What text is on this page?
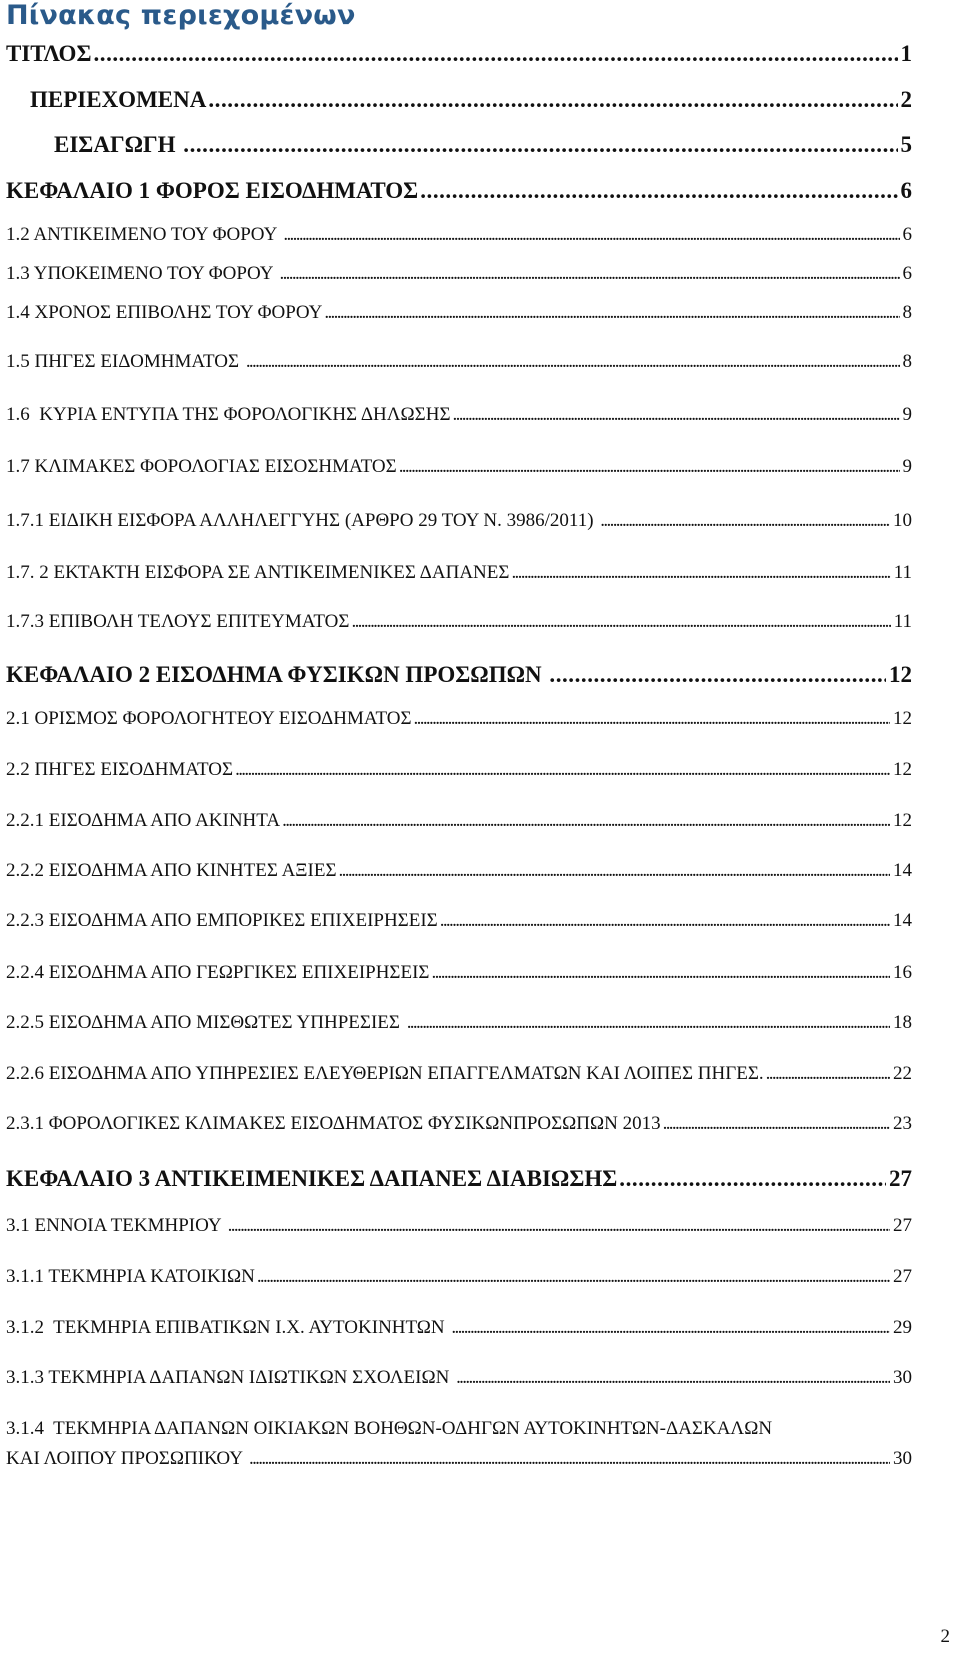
Πίνακας περιεχομένων
ΤΙΤΛΟΣ . . .	1
ΠΕΡΙΕΧΟΜΕΝΑ . . .	2
ΕΙΣΑΓΩΓΗ . . .	5
ΚΕΦΑΛΑΙΟ 1 ΦΟΡΟΣ ΕΙΣΟΔΗΜΑΤΟΣ . . .	6
1.2 ΑΝΤΙΚΕΙΜΕΝΟ ΤΟΥ ΦΟΡΟΥ . . .	6
1.3 ΥΠΟΚΕΙΜΕΝΟ ΤΟΥ ΦΟΡΟΥ . . .	6
1.4 ΧΡΟΝΟΣ ΕΠΙΒΟΛΗΣ ΤΟΥ ΦΟΡΟΥ . . .	8
1.5 ΠΗΓΕΣ ΕΙΔΟΜΗΜΑΤΟΣ . . .	8
1.6  ΚΥΡΙΑ ΕΝΤΥΠΑ ΤΗΣ ΦΟΡΟΛΟΓΙΚΗΣ ΔΗΛΩΣΗΣ . . .	9
1.7 ΚΛΙΜΑΚΕΣ ΦΟΡΟΛΟΓΙΑΣ ΕΙΣΟΣΗΜΑΤΟΣ . . .	9
1.7.1 ΕΙΔΙΚΗ ΕΙΣΦΟΡΑ ΑΛΛΗΛΕΓΓΥΗΣ (ΑΡΘΡΟ 29 ΤΟΥ Ν. 3986/2011) . . .	10
1.7. 2 ΕΚΤΑΚΤΗ ΕΙΣΦΟΡΑ ΣΕ ΑΝΤΙΚΕΙΜΕΝΙΚΕΣ ΔΑΠΑΝΕΣ . . .	11
1.7.3 ΕΠΙΒΟΛΗ ΤΕΛΟΥΣ ΕΠΙΤΕΥΜΑΤΟΣ . . .	11
ΚΕΦΑΛΑΙΟ 2 ΕΙΣΟΔΗΜΑ ΦΥΣΙΚΩΝ ΠΡΟΣΩΠΩΝ . . .	12
2.1 ΟΡΙΣΜΟΣ ΦΟΡΟΛΟΓΗΤΕΟΥ ΕΙΣΟΔΗΜΑΤΟΣ . . .	12
2.2 ΠΗΓΕΣ ΕΙΣΟΔΗΜΑΤΟΣ . . .	12
2.2.1 ΕΙΣΟΔΗΜΑ ΑΠΟ ΑΚΙΝΗΤΑ . . .	12
2.2.2 ΕΙΣΟΔΗΜΑ ΑΠΟ ΚΙΝΗΤΕΣ ΑΞΙΕΣ . . .	14
2.2.3 ΕΙΣΟΔΗΜΑ ΑΠΟ ΕΜΠΟΡΙΚΕΣ ΕΠΙΧΕΙΡΗΣΕΙΣ . . .	14
2.2.4 ΕΙΣΟΔΗΜΑ ΑΠΟ ΓΕΩΡΓΙΚΕΣ ΕΠΙΧΕΙΡΗΣΕΙΣ . . .	16
2.2.5 ΕΙΣΟΔΗΜΑ ΑΠΟ ΜΙΣΘΩΤΕΣ ΥΠΗΡΕΣΙΕΣ . . .	18
2.2.6 ΕΙΣΟΔΗΜΑ ΑΠΟ ΥΠΗΡΕΣΙΕΣ ΕΛΕΥΘΕΡΙΩΝ ΕΠΑΓΓΕΛΜΑΤΩΝ ΚΑΙ ΛΟΙΠΕΣ ΠΗΓΕΣ. . . .	22
2.3.1 ΦΟΡΟΛΟΓΙΚΕΣ ΚΛΙΜΑΚΕΣ ΕΙΣΟΔΗΜΑΤΟΣ ΦΥΣΙΚΩΝΠΡΟΣΩΠΩΝ 2013 . . .	23
ΚΕΦΑΛΑΙΟ 3 ΑΝΤΙΚΕΙΜΕΝΙΚΕΣ ΔΑΠΑΝΕΣ ΔΙΑΒΙΩΣΗΣ . . .	27
3.1 ΕΝΝΟΙΑ ΤΕΚΜΗΡΙΟΥ . . .	27
3.1.1 ΤΕΚΜΗΡΙΑ ΚΑΤΟΙΚΙΩΝ . . .	27
3.1.2  ΤΕΚΜΗΡΙΑ ΕΠΙΒΑΤΙΚΩΝ Ι.Χ. ΑΥΤΟΚΙΝΗΤΩΝ . . .	29
3.1.3 ΤΕΚΜΗΡΙΑ ΔΑΠΑΝΩΝ ΙΔΙΩΤΙΚΩΝ ΣΧΟΛΕΙΩΝ . . .	30
3.1.4  ΤΕΚΜΗΡΙΑ ΔΑΠΑΝΩΝ ΟΙΚΙΑΚΩΝ ΒΟΗΘΩΝ-ΟΔΗΓΩΝ ΑΥΤΟΚΙΝΗΤΩΝ-ΔΑΣΚΑΛΩΝ
ΚΑΙ ΛΟΙΠΟΥ ΠΡΟΣΩΠΙΚΟΥ . . .	30
2
